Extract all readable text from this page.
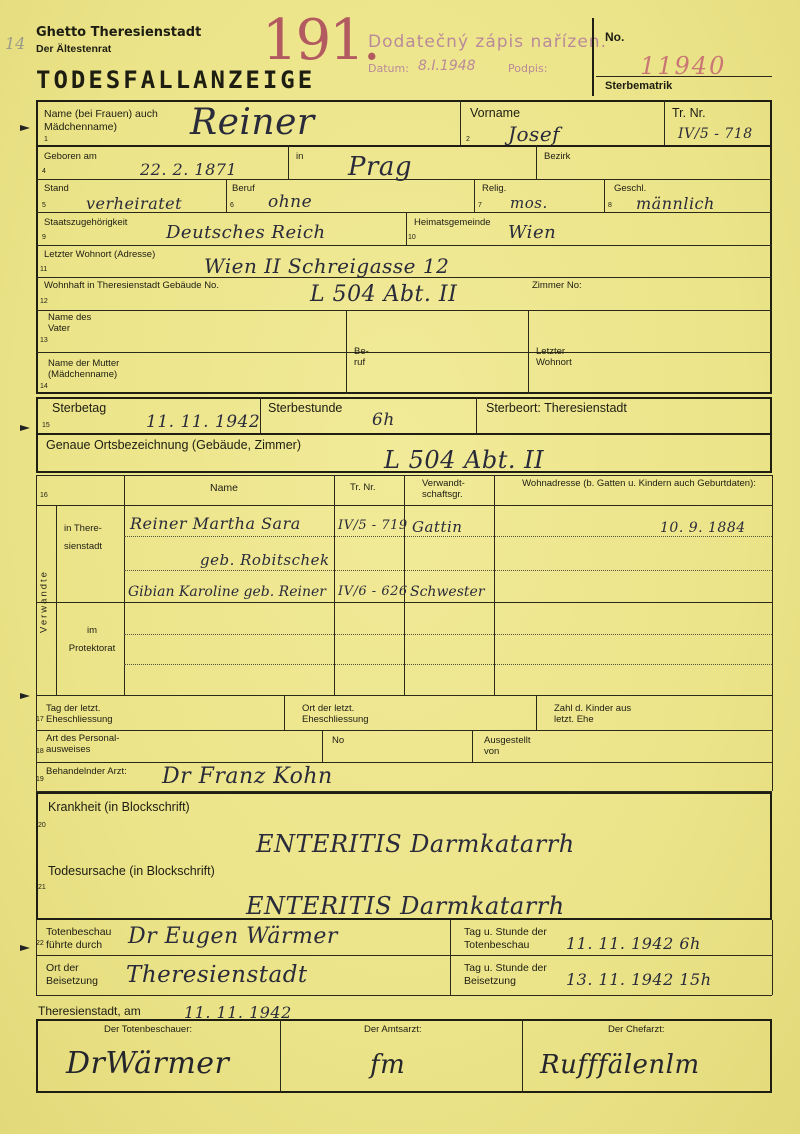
Ghetto Theresienstadt
Der Ältestenrat
TODESFALLANZEIGE
14	191.
Dodatečný zápis nařízen.
Datum: 8.I.1948	Podpis:
No.
11940
Sterbematrik
Name (bei Frauen) auch Mädchenname)	Reiner	Vorname
Josef
Tr. Nr.
IV/5 - 718
1	2
Geboren am
22. 2. 1871
in Prag	Bezirk
4
Stand
verheiratet
Beruf
ohne
Relig.
mos.
Geschl.
männlich
5	6	7	8
Staatszugehörigkeit Deutsches Reich	Heimatsgemeinde Wien
9	10
Letzter Wohnort (Adresse) Wien II Schreigasse 12
11
Wohnhaft in Theresienstadt Gebäude No.	L 504 Abt. II	Zimmer No:
12
Name des Vater
Be- ruf
Name der Mutter (Mädchenname)
Letzter Wohnort
13
14
Sterbetag
11. 11. 1942
Sterbestunde
6h
Sterbeort: Theresienstadt
Genaue Ortsbezeichnung (Gebäude, Zimmer)
L 504 Abt. II
15
16
Name	Tr. Nr.	Verwandt- schaftsgr.
Wohnadresse (b. Gatten u. Kindern auch Geburtdaten):
Verwandte
in There- sienstadt
im Protektorat
Reiner Martha Sara	IV/5 - 719 Gattin	10. 9. 1884
geb. Robitschek
Gibian Karoline geb. Reiner IV/6 - 626 Schwester
Tag der letzt. Eheschliessung
Ort der letzt. Eheschliessung
Zahl d. Kinder aus letzt. Ehe
17
Art des Personal- ausweises
No	Ausgestellt von
18
Behandelnder Arzt: Dr Franz Kohn
19
Krankheit (in Blockschrift)
ENTERITIS Darmkatarrh
20
Todesursache (in Blockschrift)
ENTERITIS Darmkatarrh
21
Totenbeschau führte durch	Dr Eugen Wärmer	Tag u. Stunde der Totenbeschau	11. 11. 1942 6h
22
Ort der Beisetzung	Theresienstadt	Tag u. Stunde der Beisetzung	13. 11. 1942 15h
Theresienstadt, am	11. 11. 1942
Der Totenbeschauer:	Der Amtsarzt:	Der Chefarzt:
DrWärmer	fm	Rufffälenlm
